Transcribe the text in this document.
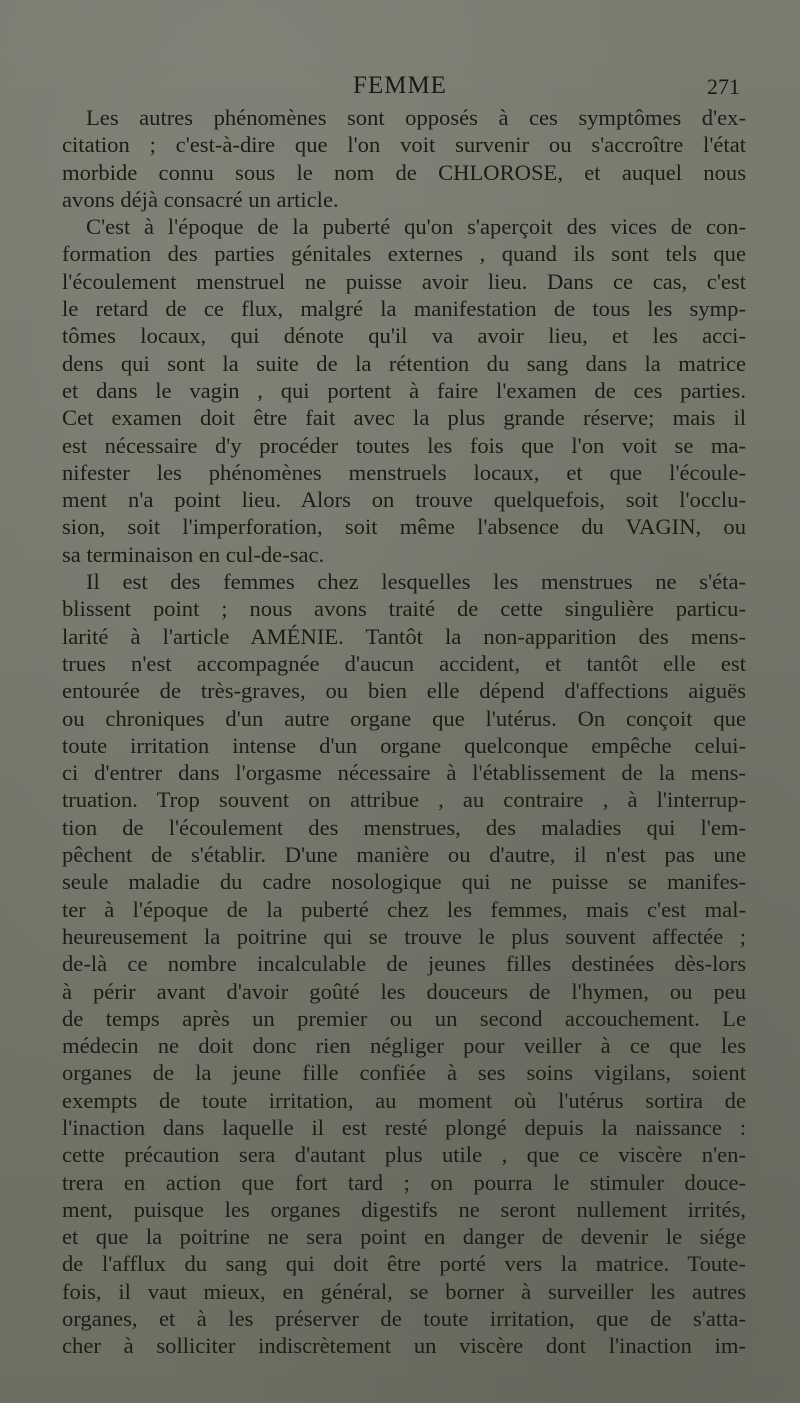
FEMME	271
Les autres phénomènes sont opposés à ces symptômes d'ex-
citation ; c'est-à-dire que l'on voit survenir ou s'accroître l'état
morbide connu sous le nom de CHLOROSE, et auquel nous
avons déjà consacré un article.
C'est à l'époque de la puberté qu'on s'aperçoit des vices de con-
formation des parties génitales externes , quand ils sont tels que
l'écoulement menstruel ne puisse avoir lieu. Dans ce cas, c'est
le retard de ce flux, malgré la manifestation de tous les symp-
tômes locaux, qui dénote qu'il va avoir lieu, et les acci-
dens qui sont la suite de la rétention du sang dans la matrice
et dans le vagin , qui portent à faire l'examen de ces parties.
Cet examen doit être fait avec la plus grande réserve; mais il
est nécessaire d'y procéder toutes les fois que l'on voit se ma-
nifester les phénomènes menstruels locaux, et que l'écoule-
ment n'a point lieu. Alors on trouve quelquefois, soit l'occlu-
sion, soit l'imperforation, soit même l'absence du VAGIN, ou
sa terminaison en cul-de-sac.
Il est des femmes chez lesquelles les menstrues ne s'éta-
blissent point ; nous avons traité de cette singulière particu-
larité à l'article AMÉNIE. Tantôt la non-apparition des mens-
trues n'est accompagnée d'aucun accident, et tantôt elle est
entourée de très-graves, ou bien elle dépend d'affections aiguës
ou chroniques d'un autre organe que l'utérus. On conçoit que
toute irritation intense d'un organe quelconque empêche celui-
ci d'entrer dans l'orgasme nécessaire à l'établissement de la mens-
truation. Trop souvent on attribue , au contraire , à l'interrup-
tion de l'écoulement des menstrues, des maladies qui l'em-
pêchent de s'établir. D'une manière ou d'autre, il n'est pas une
seule maladie du cadre nosologique qui ne puisse se manifes-
ter à l'époque de la puberté chez les femmes, mais c'est mal-
heureusement la poitrine qui se trouve le plus souvent affectée ;
de-là ce nombre incalculable de jeunes filles destinées dès-lors
à périr avant d'avoir goûté les douceurs de l'hymen, ou peu
de temps après un premier ou un second accouchement. Le
médecin ne doit donc rien négliger pour veiller à ce que les
organes de la jeune fille confiée à ses soins vigilans, soient
exempts de toute irritation, au moment où l'utérus sortira de
l'inaction dans laquelle il est resté plongé depuis la naissance :
cette précaution sera d'autant plus utile , que ce viscère n'en-
trera en action que fort tard ; on pourra le stimuler douce-
ment, puisque les organes digestifs ne seront nullement irrités,
et que la poitrine ne sera point en danger de devenir le siége
de l'afflux du sang qui doit être porté vers la matrice. Toute-
fois, il vaut mieux, en général, se borner à surveiller les autres
organes, et à les préserver de toute irritation, que de s'atta-
cher à solliciter indiscrètement un viscère dont l'inaction im-
